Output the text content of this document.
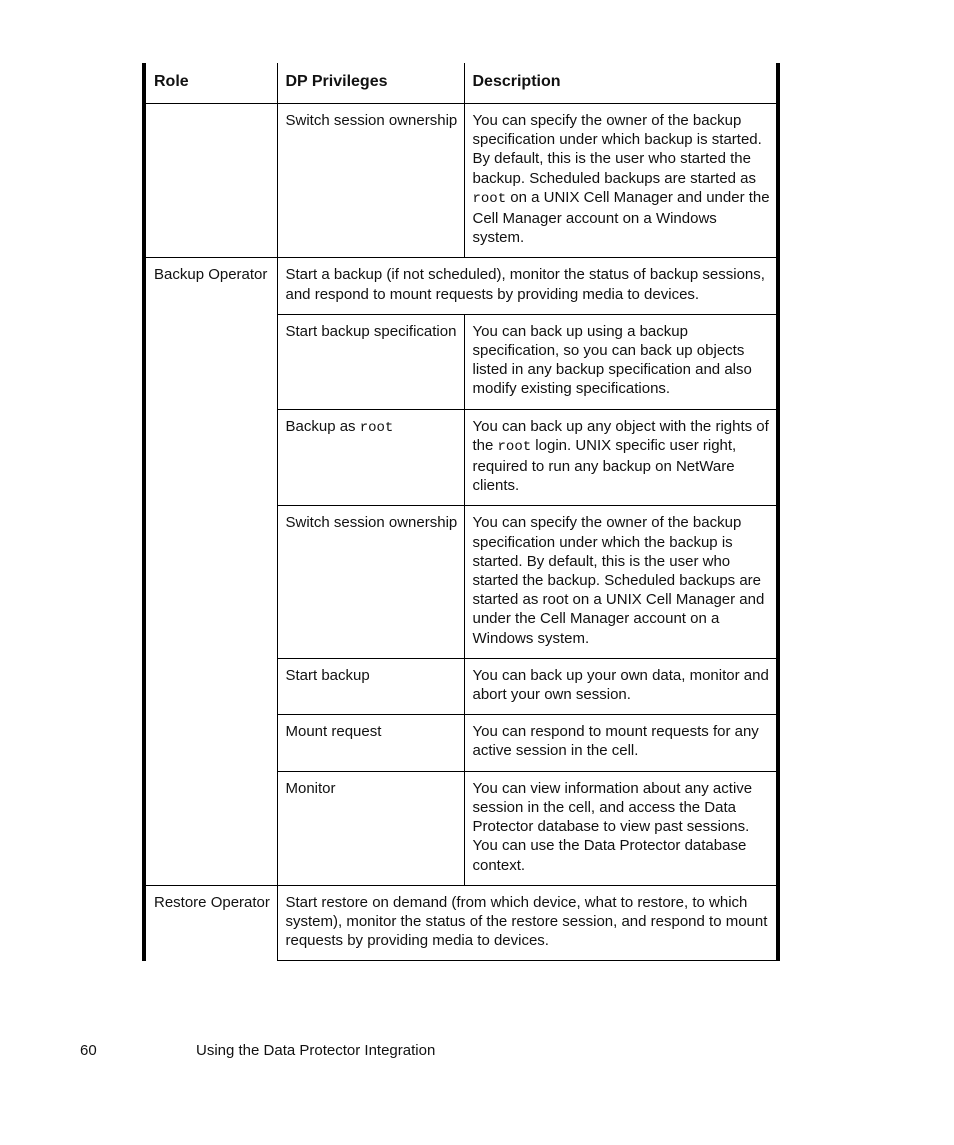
Role	DP Privileges	Description
	Switch session ownership	You can specify the owner of the backup specification under which backup is started. By default, this is the user who started the backup. Scheduled backups are started as root on a UNIX Cell Manager and under the Cell Manager account on a Windows system.
Backup Operator	Start a backup (if not scheduled), monitor the status of backup sessions, and respond to mount requests by providing media to devices.	
	Start backup specification	You can back up using a backup specification, so you can back up objects listed in any backup specification and also modify existing specifications.
	Backup as root	You can back up any object with the rights of the root login. UNIX specific user right, required to run any backup on NetWare clients.
	Switch session ownership	You can specify the owner of the backup specification under which the backup is started. By default, this is the user who started the backup. Scheduled backups are started as root on a UNIX Cell Manager and under the Cell Manager account on a Windows system.
	Start backup	You can back up your own data, monitor and abort your own session.
	Mount request	You can respond to mount requests for any active session in the cell.
	Monitor	You can view information about any active session in the cell, and access the Data Protector database to view past sessions. You can use the Data Protector database context.
Restore Operator	Start restore on demand (from which device, what to restore, to which system), monitor the status of the restore session, and respond to mount requests by providing media to devices.	
60	Using the Data Protector Integration
